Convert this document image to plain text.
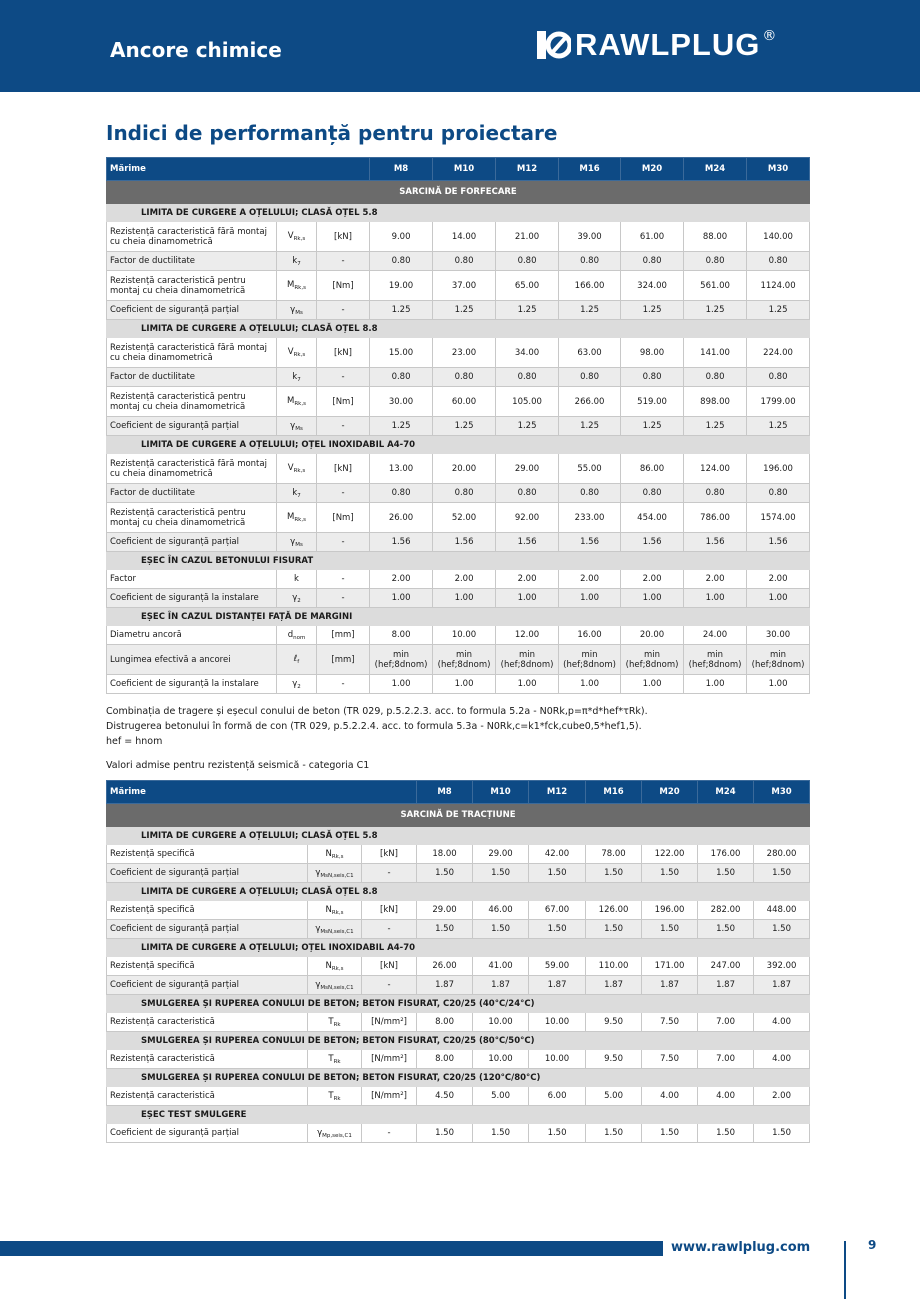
Ancore chimice	RAWLPLUG ®
Indici de performanță pentru proiectare
Mărime			M8	M10	M12	M16	M20	M24	M30
SARCINĂ DE FORFECARE									
LIMITA DE CURGERE A OȚELULUI; CLASĂ OȚEL 5.8									
Rezistență caracteristică fără montaj cu cheia dinamometrică	$V_{Rk,s}$	[kN]	9.00	14.00	21.00	39.00	61.00	88.00	140.00
Factor de ductilitate	$k_7$	-	0.80	0.80	0.80	0.80	0.80	0.80	0.80
Rezistență caracteristică pentru montaj cu cheia dinamometrică	$M_{Rk,s}$	[Nm]	19.00	37.00	65.00	166.00	324.00	561.00	1124.00
Coeficient de siguranță parțial	$\gamma_{Ms}$	-	1.25	1.25	1.25	1.25	1.25	1.25	1.25
LIMITA DE CURGERE A OȚELULUI; CLASĂ OȚEL 8.8									
Rezistență caracteristică fără montaj cu cheia dinamometrică	$V_{Rk,s}$	[kN]	15.00	23.00	34.00	63.00	98.00	141.00	224.00
Factor de ductilitate	$k_7$	-	0.80	0.80	0.80	0.80	0.80	0.80	0.80
Rezistență caracteristică pentru montaj cu cheia dinamometrică	$M_{Rk,s}$	[Nm]	30.00	60.00	105.00	266.00	519.00	898.00	1799.00
Coeficient de siguranță parțial	$\gamma_{Ms}$	-	1.25	1.25	1.25	1.25	1.25	1.25	1.25
LIMITA DE CURGERE A OȚELULUI; OȚEL INOXIDABIL A4-70									
Rezistență caracteristică fără montaj cu cheia dinamometrică	$V_{Rk,s}$	[kN]	13.00	20.00	29.00	55.00	86.00	124.00	196.00
Factor de ductilitate	$k_7$	-	0.80	0.80	0.80	0.80	0.80	0.80	0.80
Rezistență caracteristică pentru montaj cu cheia dinamometrică	$M_{Rk,s}$	[Nm]	26.00	52.00	92.00	233.00	454.00	786.00	1574.00
Coeficient de siguranță parțial	$\gamma_{Ms}$	-	1.56	1.56	1.56	1.56	1.56	1.56	1.56
EȘEC ÎN CAZUL BETONULUI FISURAT									
Factor	k	-	2.00	2.00	2.00	2.00	2.00	2.00	2.00
Coeficient de siguranță la instalare	$\gamma_2$	-	1.00	1.00	1.00	1.00	1.00	1.00	1.00
EȘEC ÎN CAZUL DISTANȚEI FAȚĂ DE MARGINI									
Diametru ancoră	$d_{nom}$	[mm]	8.00	10.00	12.00	16.00	20.00	24.00	30.00
Lungimea efectivă a ancorei	ℓ$_f$	[mm]	min (hef;8dnom)	min (hef;8dnom)	min (hef;8dnom)	min (hef;8dnom)	min (hef;8dnom)	min (hef;8dnom)	min (hef;8dnom)
Coeficient de siguranță la instalare	$\gamma_2$	-	1.00	1.00	1.00	1.00	1.00	1.00	1.00
Combinația de tragere și eșecul conului de beton (TR 029, p.5.2.2.3. acc. to formula 5.2a - N0Rk,p=π*d*hef*τRk).
Distrugerea betonului în formă de con (TR 029, p.5.2.2.4. acc. to formula 5.3a - N0Rk,c=k1*fck,cube0,5*hef1,5).
hef = hnom
Valori admise pentru rezistență seismică - categoria C1
Mărime			M8	M10	M12	M16	M20	M24	M30
SARCINĂ DE TRACȚIUNE									
LIMITA DE CURGERE A OȚELULUI; CLASĂ OȚEL 5.8									
Rezistență specifică	$N_{Rk,s}$	[kN]	18.00	29.00	42.00	78.00	122.00	176.00	280.00
Coeficient de siguranță parțial	$\gamma_{MsN,seis,C1}$	-	1.50	1.50	1.50	1.50	1.50	1.50	1.50
LIMITA DE CURGERE A OȚELULUI; CLASĂ OȚEL 8.8									
Rezistență specifică	$N_{Rk,s}$	[kN]	29.00	46.00	67.00	126.00	196.00	282.00	448.00
Coeficient de siguranță parțial	$\gamma_{MsN,seis,C1}$	-	1.50	1.50	1.50	1.50	1.50	1.50	1.50
LIMITA DE CURGERE A OȚELULUI; OȚEL INOXIDABIL A4-70									
Rezistență specifică	$N_{Rk,s}$	[kN]	26.00	41.00	59.00	110.00	171.00	247.00	392.00
Coeficient de siguranță parțial	$\gamma_{MsN,seis,C1}$	-	1.87	1.87	1.87	1.87	1.87	1.87	1.87
SMULGEREA ȘI RUPEREA CONULUI DE BETON; BETON FISURAT, C20/25 (40°C/24°C)									
Rezistență caracteristică	$T_{Rk}$	[N/mm²]	8.00	10.00	10.00	9.50	7.50	7.00	4.00
SMULGEREA ȘI RUPEREA CONULUI DE BETON; BETON FISURAT, C20/25 (80°C/50°C)									
Rezistență caracteristică	$T_{Rk}$	[N/mm²]	8.00	10.00	10.00	9.50	7.50	7.00	4.00
SMULGEREA ȘI RUPEREA CONULUI DE BETON; BETON FISURAT, C20/25 (120°C/80°C)									
Rezistență caracteristică	$T_{Rk}$	[N/mm²]	4.50	5.00	6.00	5.00	4.00	4.00	2.00
EȘEC TEST SMULGERE									
Coeficient de siguranță parțial	$\gamma_{Mp,seis,C1}$	-	1.50	1.50	1.50	1.50	1.50	1.50	1.50
www.rawlplug.com	9
